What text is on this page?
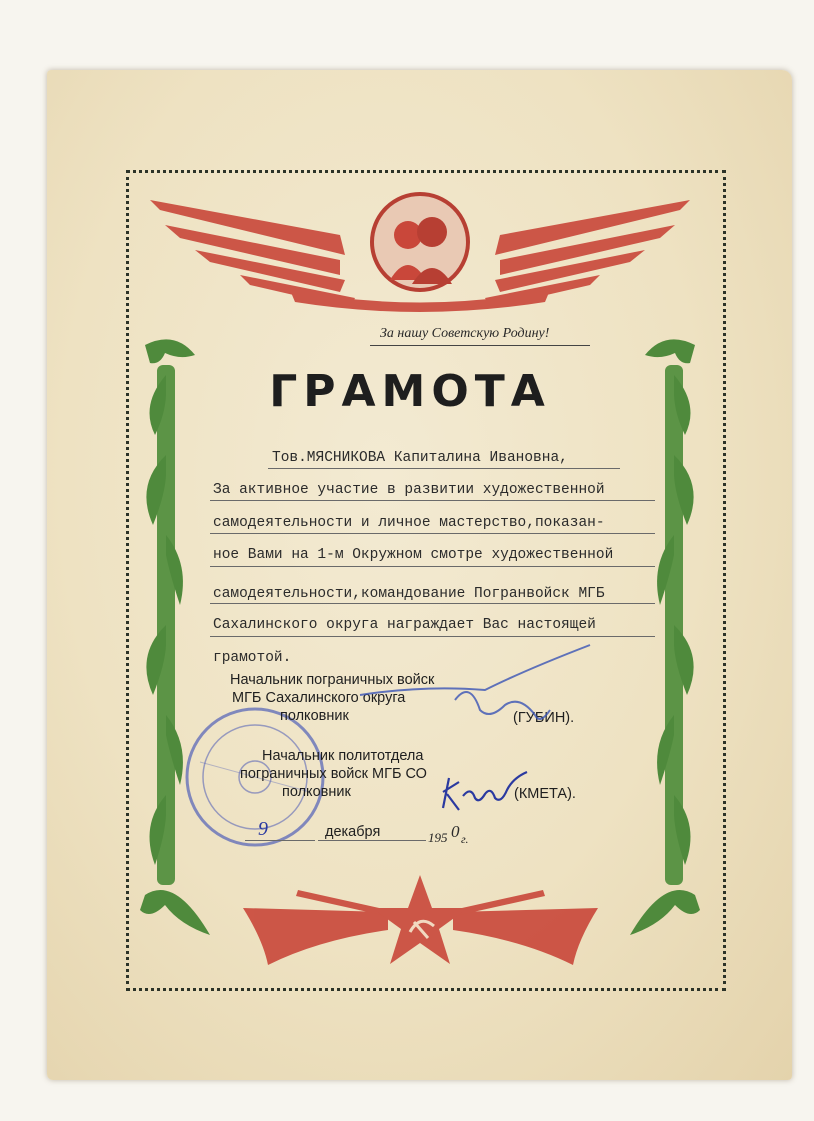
За нашу Советскую Родину!
ГРАМОТА
Тов.МЯСНИКОВА Капиталина Ивановна,
За активное участие в развитии художественной
самодеятельности и личное мастерство,показан-
ное Вами на 1-м Окружном смотре художественной
самодеятельности,командование Погранвойск МГБ
Сахалинского округа награждает Вас настоящей
грамотой.
Начальник пограничных войск
МГБ Сахалинского округа
полковник	(ГУБИН).
Начальник политотдела
пограничных войск МГБ СО
полковник	(КМЕТА).
9	декабря	195 0 г.
